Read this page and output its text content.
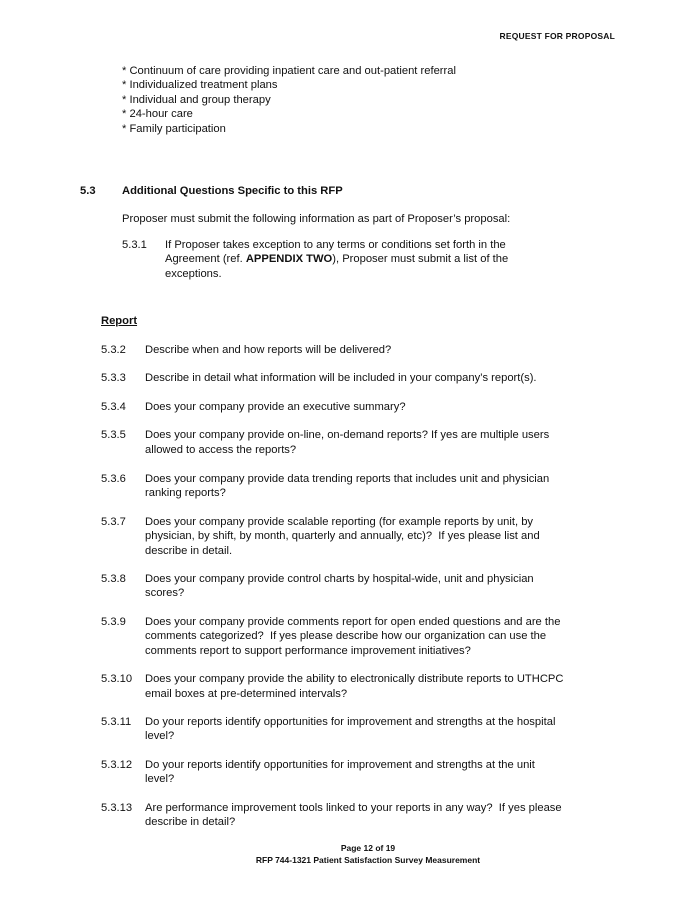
REQUEST FOR PROPOSAL
* Continuum of care providing inpatient care and out-patient referral
* Individualized treatment plans
* Individual and group therapy
* 24-hour care
* Family participation
5.3	Additional Questions Specific to this RFP

Proposer must submit the following information as part of Proposer’s proposal:

5.3.1	If Proposer takes exception to any terms or conditions set forth in the
Agreement (ref. APPENDIX TWO), Proposer must submit a list of the
exceptions.
Report
5.3.2	Describe when and how reports will be delivered?
5.3.3	Describe in detail what information will be included in your company’s report(s).
5.3.4	Does your company provide an executive summary?
5.3.5	Does your company provide on-line, on-demand reports? If yes are multiple users
allowed to access the reports?
5.3.6	Does your company provide data trending reports that includes unit and physician
ranking reports?
5.3.7	Does your company provide scalable reporting (for example reports by unit, by
physician, by shift, by month, quarterly and annually, etc)?  If yes please list and
describe in detail.
5.3.8	Does your company provide control charts by hospital-wide, unit and physician
scores?
5.3.9	Does your company provide comments report for open ended questions and are the
comments categorized?  If yes please describe how our organization can use the
comments report to support performance improvement initiatives?
5.3.10	Does your company provide the ability to electronically distribute reports to UTHCPC
email boxes at pre-determined intervals?
5.3.11	Do your reports identify opportunities for improvement and strengths at the hospital
level?
5.3.12	Do your reports identify opportunities for improvement and strengths at the unit
level?
5.3.13	Are performance improvement tools linked to your reports in any way?  If yes please
describe in detail?
Page 12 of 19
RFP 744-1321 Patient Satisfaction Survey Measurement
